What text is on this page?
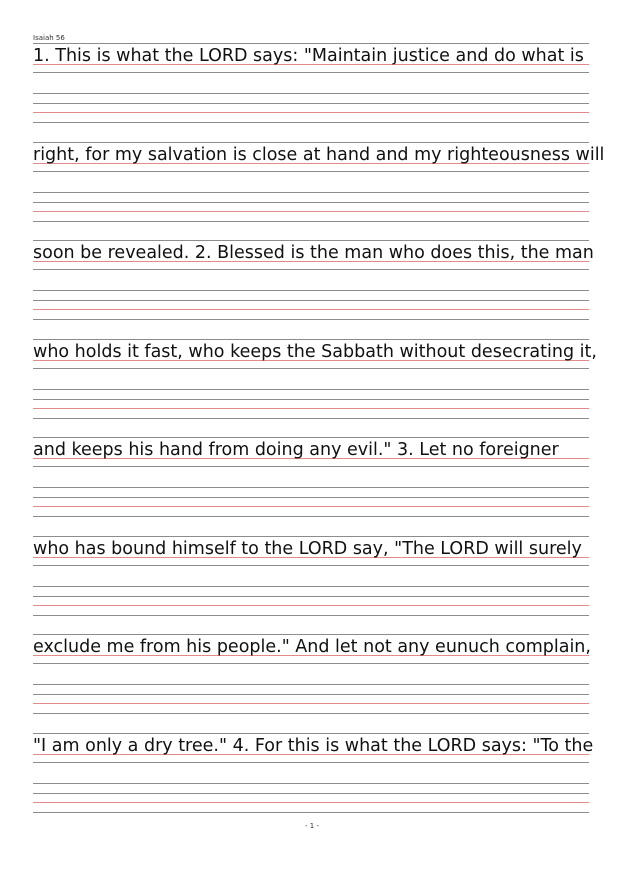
Isaiah 56
1. This is what the LORD says: "Maintain justice and do what is
right, for my salvation is close at hand and my righteousness will
soon be revealed. 2. Blessed is the man who does this, the man
who holds it fast, who keeps the Sabbath without desecrating it,
and keeps his hand from doing any evil." 3. Let no foreigner
who has bound himself to the LORD say, "The LORD will surely
exclude me from his people." And let not any eunuch complain,
"I am only a dry tree." 4. For this is what the LORD says: "To the
- 1 -
